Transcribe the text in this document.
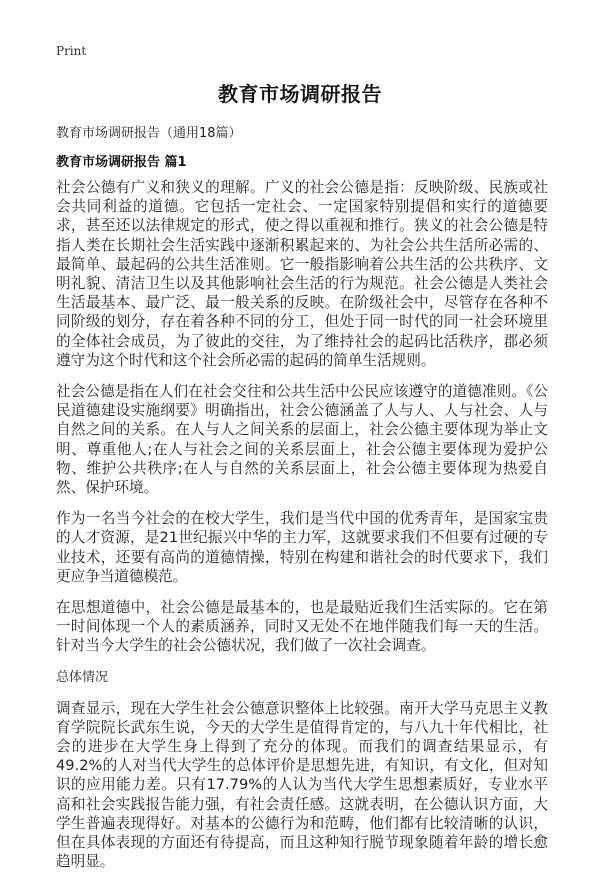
Print
教育市场调研报告

教育市场调研报告（通用18篇）

教育市场调研报告 篇1

社会公德有广义和狭义的理解。广义的社会公德是指：反映阶级、民族或社会共同利益的道德。它包括一定社会、一定国家特别提倡和实行的道德要求，甚至还以法律规定的形式，使之得以重视和推行。狭义的社会公德是特指人类在长期社会生活实践中逐渐积累起来的、为社会公共生活所必需的、最简单、最起码的公共生活准则。它一般指影响着公共生活的公共秩序、文明礼貌、清洁卫生以及其他影响社会生活的行为规范。社会公德是人类社会生活最基本、最广泛、最一般关系的反映。在阶级社会中，尽管存在各种不同阶级的划分，存在着各种不同的分工，但处于同一时代的同一社会环境里的全体社会成员，为了彼此的交往，为了维持社会的起码比活秩序，郡必须遵守为这个时代和这个社会所必需的起码的简单生活规则。

社会公德是指在人们在社会交往和公共生活中公民应该遵守的道德准则。《公民道德建设实施纲要》明确指出，社会公德涵盖了人与人、人与社会、人与自然之间的关系。在人与人之间关系的层面上，社会公德主要体现为举止文明、尊重他人;在人与社会之间的关系层面上，社会公德主要体现为爱护公物、维护公共秩序;在人与自然的关系层面上，社会公德主要体现为热爱自然、保护环境。

作为一名当今社会的在校大学生，我们是当代中国的优秀青年，是国家宝贵的人才资源，是21世纪振兴中华的主力军，这就要求我们不但要有过硬的专业技术，还要有高尚的道德情操，特别在构建和谐社会的时代要求下，我们更应争当道德模范。

在思想道德中，社会公德是最基本的，也是最贴近我们生活实际的。它在第一时间体现一个人的素质涵养，同时又无处不在地伴随我们每一天的生活。针对当今大学生的社会公德状况，我们做了一次社会调查。

总体情况

调查显示，现在大学生社会公德意识整体上比较强。南开大学马克思主义教育学院院长武东生说，今天的大学生是值得肯定的，与八九十年代相比，社会的进步在大学生身上得到了充分的体现。而我们的调查结果显示，有49.2%的人对当代大学生的总体评价是思想先进，有知识，有文化，但对知识的应用能力差。只有17.79%的人认为当代大学生思想素质好，专业水平高和社会实践报告能力强，有社会责任感。这就表明，在公德认识方面，大学生普遍表现得好。对基本的公德行为和范畴，他们都有比较清晰的认识，但在具体表现的方面还有待提高，而且这种知行脱节现象随着年龄的增长愈趋明显。
